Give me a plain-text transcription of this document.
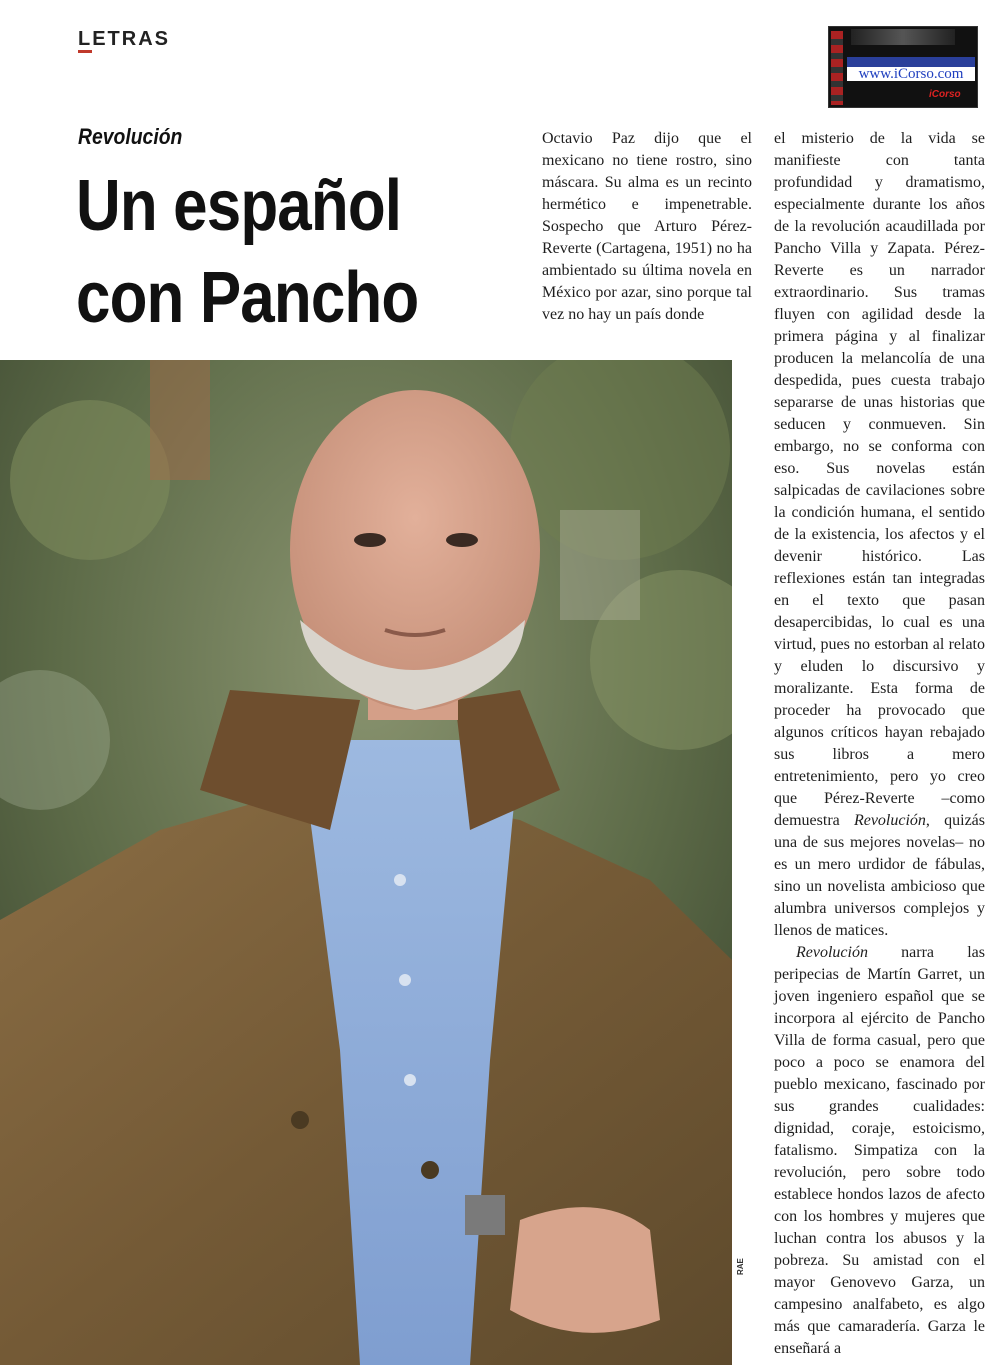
LETRAS
www.iCorso.com
iCorso
Revolución
Un español
con Pancho

Octavio Paz dijo que el mexicano no tiene rostro, sino máscara. Su alma es un recinto hermético e impenetrable. Sospecho que Arturo Pérez-Reverte (Cartagena, 1951) no ha ambientado su última novela en México por azar, sino porque tal vez no hay un país donde

el misterio de la vida se manifieste con tanta profundidad y dramatismo, especialmente durante los años de la revolución acaudillada por Pancho Villa y Zapata. Pérez-Reverte es un narrador extraordinario. Sus tramas fluyen con agilidad desde la primera página y al finalizar producen la melancolía de una despedida, pues cuesta trabajo separarse de unas historias que seducen y conmueven. Sin embargo, no se conforma con eso. Sus novelas están salpicadas de cavilaciones sobre la condición humana, el sentido de la existencia, los afectos y el devenir histórico. Las reflexiones están tan integradas en el texto que pasan desapercibidas, lo cual es una virtud, pues no estorban al relato y eluden lo discursivo y moralizante. Esta forma de proceder ha provocado que algunos críticos hayan rebajado sus libros a mero entretenimiento, pero yo creo que Pérez-Reverte –como demuestra Revolución, quizás una de sus mejores novelas– no es un mero urdidor de fábulas, sino un novelista ambicioso que alumbra universos complejos y llenos de matices.

Revolución narra las peripecias de Martín Garret, un joven ingeniero español que se incorpora al ejército de Pancho Villa de forma casual, pero que poco a poco se enamora del pueblo mexicano, fascinado por sus grandes cualidades: dignidad, coraje, estoicismo, fatalismo. Simpatiza con la revolución, pero sobre todo establece hondos lazos de afecto con los hombres y mujeres que luchan contra los abusos y la pobreza. Su amistad con el mayor Genovevo Garza, un campesino analfabeto, es algo más que camaradería. Garza le enseñará a

RAE
